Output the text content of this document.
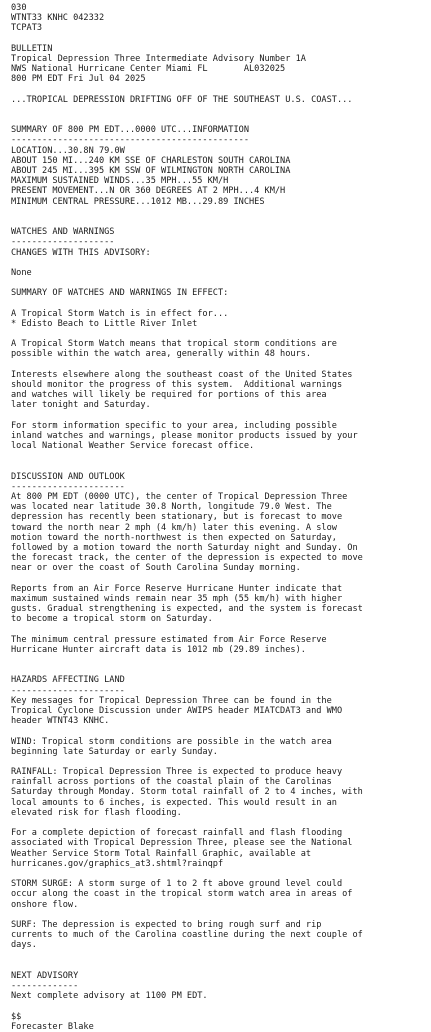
030
WTNT33 KNHC 042332
TCPAT3
BULLETIN
Tropical Depression Three Intermediate Advisory Number 1A
NWS National Hurricane Center Miami FL       AL032025
800 PM EDT Fri Jul 04 2025
...TROPICAL DEPRESSION DRIFTING OFF OF THE SOUTHEAST U.S. COAST...
SUMMARY OF 800 PM EDT...0000 UTC...INFORMATION
----------------------------------------------
LOCATION...30.8N 79.0W
ABOUT 150 MI...240 KM SSE OF CHARLESTON SOUTH CAROLINA
ABOUT 245 MI...395 KM SSW OF WILMINGTON NORTH CAROLINA
MAXIMUM SUSTAINED WINDS...35 MPH...55 KM/H
PRESENT MOVEMENT...N OR 360 DEGREES AT 2 MPH...4 KM/H
MINIMUM CENTRAL PRESSURE...1012 MB...29.89 INCHES
WATCHES AND WARNINGS
--------------------
CHANGES WITH THIS ADVISORY:
None
SUMMARY OF WATCHES AND WARNINGS IN EFFECT:
A Tropical Storm Watch is in effect for...
* Edisto Beach to Little River Inlet
A Tropical Storm Watch means that tropical storm conditions are
possible within the watch area, generally within 48 hours.
Interests elsewhere along the southeast coast of the United States
should monitor the progress of this system.  Additional warnings
and watches will likely be required for portions of this area
later tonight and Saturday.
For storm information specific to your area, including possible
inland watches and warnings, please monitor products issued by your
local National Weather Service forecast office.
DISCUSSION AND OUTLOOK
----------------------
At 800 PM EDT (0000 UTC), the center of Tropical Depression Three
was located near latitude 30.8 North, longitude 79.0 West. The
depression has recently been stationary, but is forecast to move
toward the north near 2 mph (4 km/h) later this evening. A slow
motion toward the north-northwest is then expected on Saturday,
followed by a motion toward the north Saturday night and Sunday. On
the forecast track, the center of the depression is expected to move
near or over the coast of South Carolina Sunday morning.
Reports from an Air Force Reserve Hurricane Hunter indicate that
maximum sustained winds remain near 35 mph (55 km/h) with higher
gusts. Gradual strengthening is expected, and the system is forecast
to become a tropical storm on Saturday.
The minimum central pressure estimated from Air Force Reserve
Hurricane Hunter aircraft data is 1012 mb (29.89 inches).
HAZARDS AFFECTING LAND
----------------------
Key messages for Tropical Depression Three can be found in the
Tropical Cyclone Discussion under AWIPS header MIATCDAT3 and WMO
header WTNT43 KNHC.
WIND: Tropical storm conditions are possible in the watch area
beginning late Saturday or early Sunday.
RAINFALL: Tropical Depression Three is expected to produce heavy
rainfall across portions of the coastal plain of the Carolinas
Saturday through Monday. Storm total rainfall of 2 to 4 inches, with
local amounts to 6 inches, is expected. This would result in an
elevated risk for flash flooding.
For a complete depiction of forecast rainfall and flash flooding
associated with Tropical Depression Three, please see the National
Weather Service Storm Total Rainfall Graphic, available at
hurricanes.gov/graphics_at3.shtml?rainqpf
STORM SURGE: A storm surge of 1 to 2 ft above ground level could
occur along the coast in the tropical storm watch area in areas of
onshore flow.
SURF: The depression is expected to bring rough surf and rip
currents to much of the Carolina coastline during the next couple of
days.
NEXT ADVISORY
-------------
Next complete advisory at 1100 PM EDT.
$$
Forecaster Blake
